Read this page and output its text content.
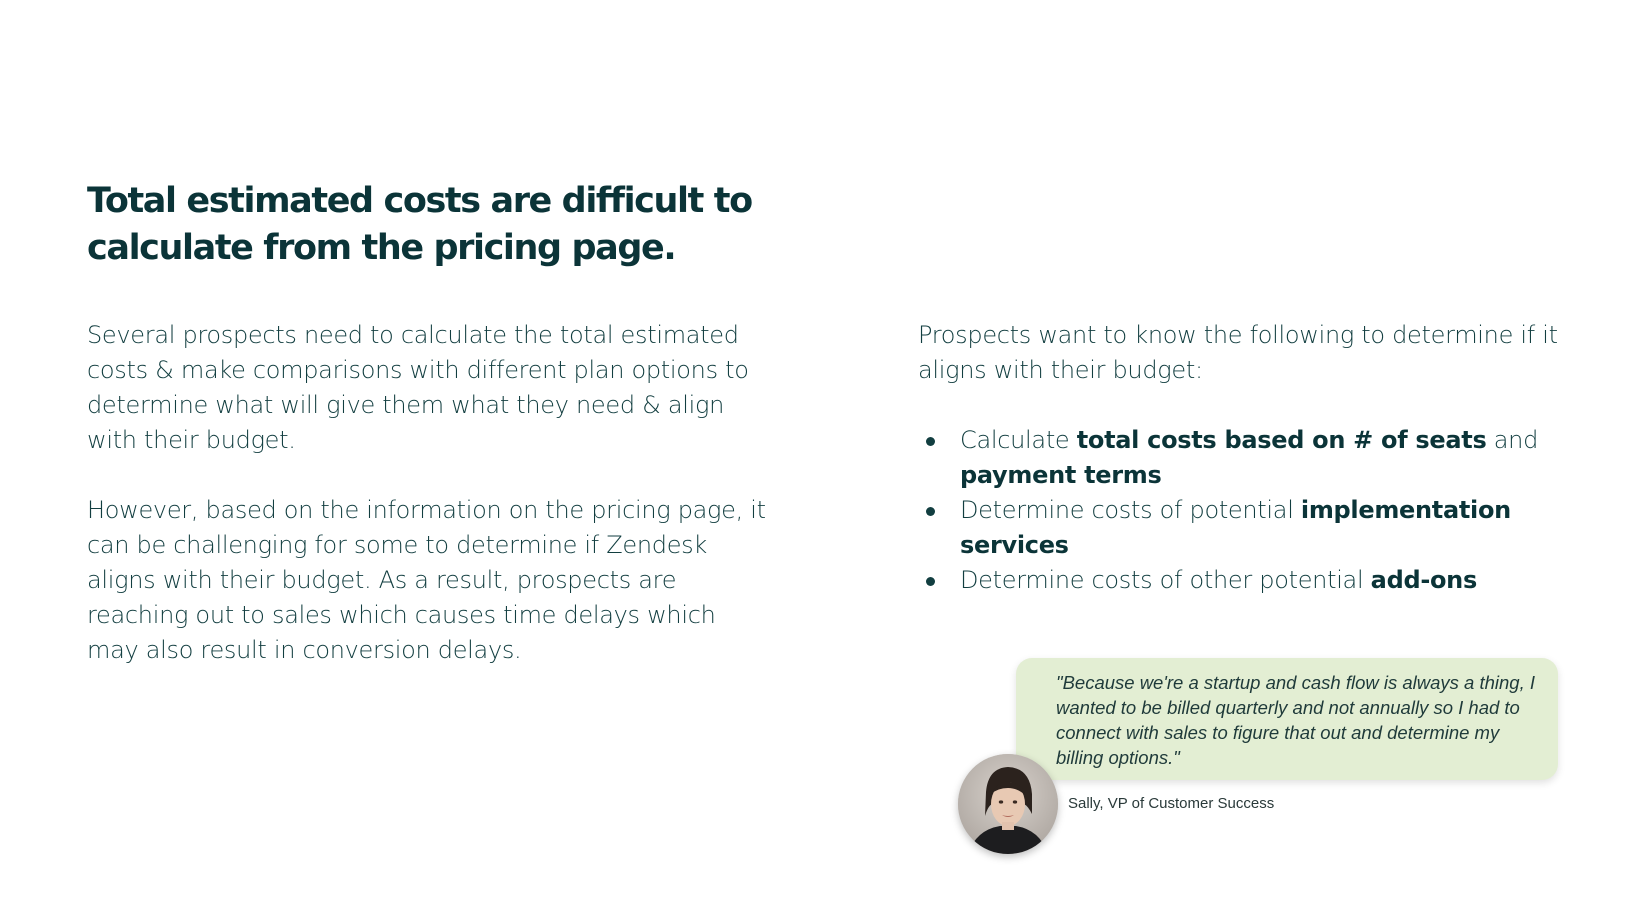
Total estimated costs are difficult to calculate from the pricing page.

Several prospects need to calculate the total estimated costs & make comparisons with different plan options to determine what will give them what they need & align with their budget.

However, based on the information on the pricing page, it can be challenging for some to determine if Zendesk aligns with their budget. As a result, prospects are reaching out to sales which causes time delays which may also result in conversion delays.

Prospects want to know the following to determine if it aligns with their budget:

Calculate total costs based on # of seats and payment terms
Determine costs of potential implementation services
Determine costs of other potential add-ons

"Because we're a startup and cash flow is always a thing, I wanted to be billed quarterly and not annually so I had to connect with sales to figure that out and determine my billing options."

Sally, VP of Customer Success
